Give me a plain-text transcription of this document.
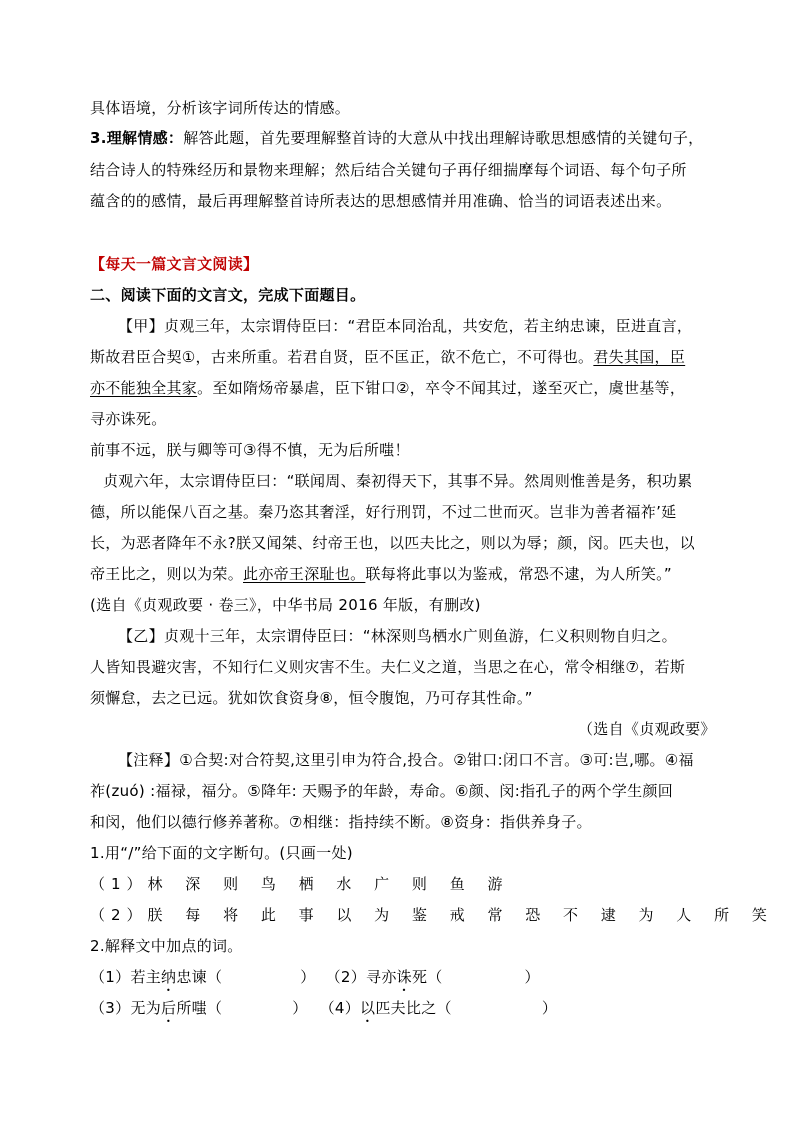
具体语境，分析该字词所传达的情感。
3.理解情感：解答此题，首先要理解整首诗的大意从中找出理解诗歌思想感情的关键句子，
结合诗人的特殊经历和景物来理解；然后结合关键句子再仔细揣摩每个词语、每个句子所
蕴含的的感情，最后再理解整首诗所表达的思想感情并用准确、恰当的词语表述出来。
【每天一篇文言文阅读】
二、阅读下面的文言文，完成下面题目。
【甲】贞观三年，太宗谓侍臣曰：“君臣本同治乱，共安危，若主纳忠谏，臣进直言，
斯故君臣合契①，古来所重。若君自贤，臣不匡正，欲不危亡，不可得也。君失其国，臣
亦不能独全其家。至如隋炀帝暴虐，臣下钳口②，卒令不闻其过，遂至灭亡，虞世基等，
寻亦诛死。
前事不远，朕与卿等可③得不慎，无为后所嗤！
贞观六年，太宗谓侍臣曰：“联闻周、秦初得天下，其事不异。然周则惟善是务，积功累
德，所以能保八百之基。秦乃恣其奢淫，好行刑罚，不过二世而灭。岂非为善者福祚’延
长，为恶者降年不永?朕又闻桀、纣帝王也，以匹夫比之，则以为辱；颜，闵。匹夫也，以
帝王比之，则以为荣。此亦帝王深耻也。联每将此事以为鉴戒，常恐不逮，为人所笑。”
(选自《贞观政要 · 卷三》，中华书局 2016 年版，有删改)
【乙】贞观十三年，太宗谓侍臣曰：“林深则鸟栖水广则鱼游，仁义积则物自归之。
人皆知畏避灾害，不知行仁义则灾害不生。夫仁义之道，当思之在心，常令相继⑦，若斯
须懈怠，去之已远。犹如饮食资身⑧，恒令腹饱，乃可存其性命。”
（选自《贞观政要》
【注释】①合契:对合符契,这里引申为符合,投合。②钳口:闭口不言。③可:岂,哪。④福
祚(zuó) :福禄，福分。⑤降年: 天赐予的年龄，寿命。⑥颜、闵:指孔子的两个学生颜回
和闵，他们以德行修养著称。⑦相继：指持续不断。⑧资身：指供养身子。
1.用“/”给下面的文字断句。(只画一处)
（1）林 深 则 鸟 栖 水 广 则 鱼 游
（2）朕 每 将 此 事 以 为 鉴 戒 常 恐 不 逮 为 人 所 笑
2.解释文中加点的词。
（1）若主纳忠谏（	） （2）寻亦诛死（	）
（3）无为后所嗤（	） （4）以匹夫比之（	）
